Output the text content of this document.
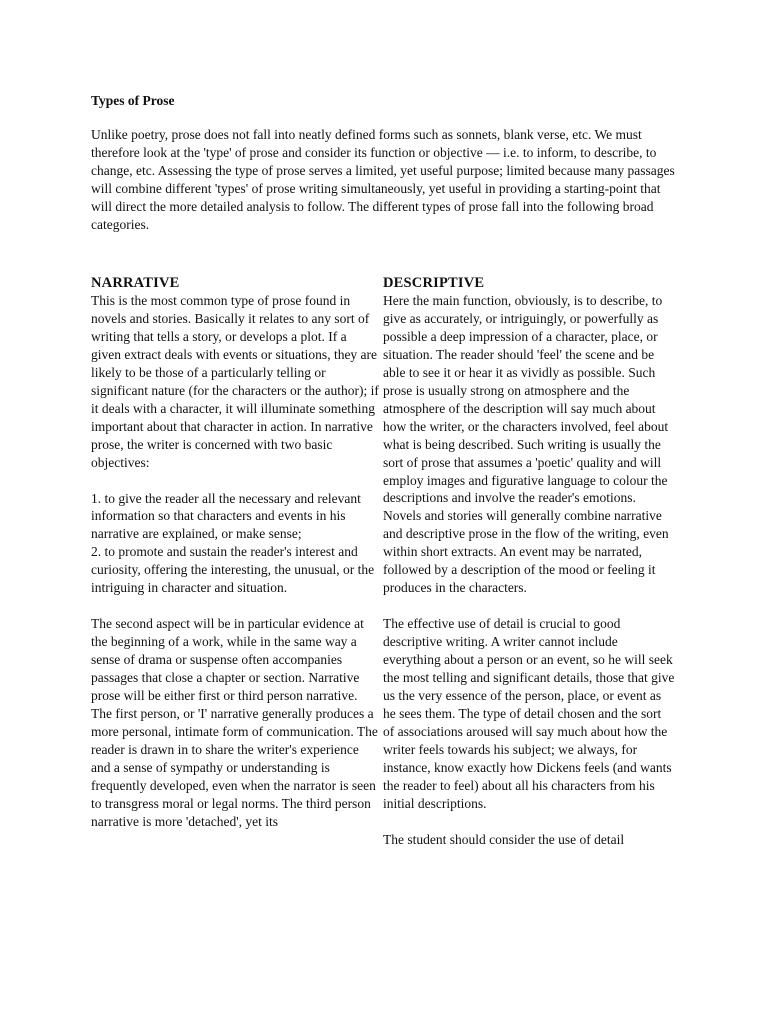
Types of Prose

Unlike poetry, prose does not fall into neatly defined forms such as sonnets, blank verse, etc. We must therefore look at the 'type' of prose and consider its function or objective — i.e. to inform, to describe, to change, etc. Assessing the type of prose serves a limited, yet useful purpose; limited because many passages will combine different 'types' of prose writing simultaneously, yet useful in providing a starting-point that will direct the more detailed analysis to follow. The different types of prose fall into the following broad categories.

NARRATIVE

This is the most common type of prose found in novels and stories. Basically it relates to any sort of writing that tells a story, or develops a plot. If a given extract deals with events or situations, they are likely to be those of a particularly telling or significant nature (for the characters or the author); if it deals with a character, it will illuminate something important about that character in action. In narrative prose, the writer is concerned with two basic objectives:

1. to give the reader all the necessary and relevant information so that characters and events in his narrative are explained, or make sense;

2. to promote and sustain the reader's interest and curiosity, offering the interesting, the unusual, or the intriguing in character and situation.

The second aspect will be in particular evidence at the beginning of a work, while in the same way a sense of drama or suspense often accompanies passages that close a chapter or section. Narrative prose will be either first or third person narrative. The first person, or 'I' narrative generally produces a more personal, intimate form of communication. The reader is drawn in to share the writer's experience and a sense of sympathy or understanding is frequently developed, even when the narrator is seen to transgress moral or legal norms. The third person narrative is more 'detached', yet its

DESCRIPTIVE

Here the main function, obviously, is to describe, to give as accurately, or intriguingly, or powerfully as possible a deep impression of a character, place, or situation. The reader should 'feel' the scene and be able to see it or hear it as vividly as possible. Such prose is usually strong on atmosphere and the atmosphere of the description will say much about how the writer, or the characters involved, feel about what is being described. Such writing is usually the sort of prose that assumes a 'poetic' quality and will employ images and figurative language to colour the descriptions and involve the reader's emotions. Novels and stories will generally combine narrative and descriptive prose in the flow of the writing, even within short extracts. An event may be narrated, followed by a description of the mood or feeling it produces in the characters.

The effective use of detail is crucial to good descriptive writing. A writer cannot include everything about a person or an event, so he will seek the most telling and significant details, those that give us the very essence of the person, place, or event as he sees them. The type of detail chosen and the sort of associations aroused will say much about how the writer feels towards his subject; we always, for instance, know exactly how Dickens feels (and wants the reader to feel) about all his characters from his initial descriptions.

The student should consider the use of detail
